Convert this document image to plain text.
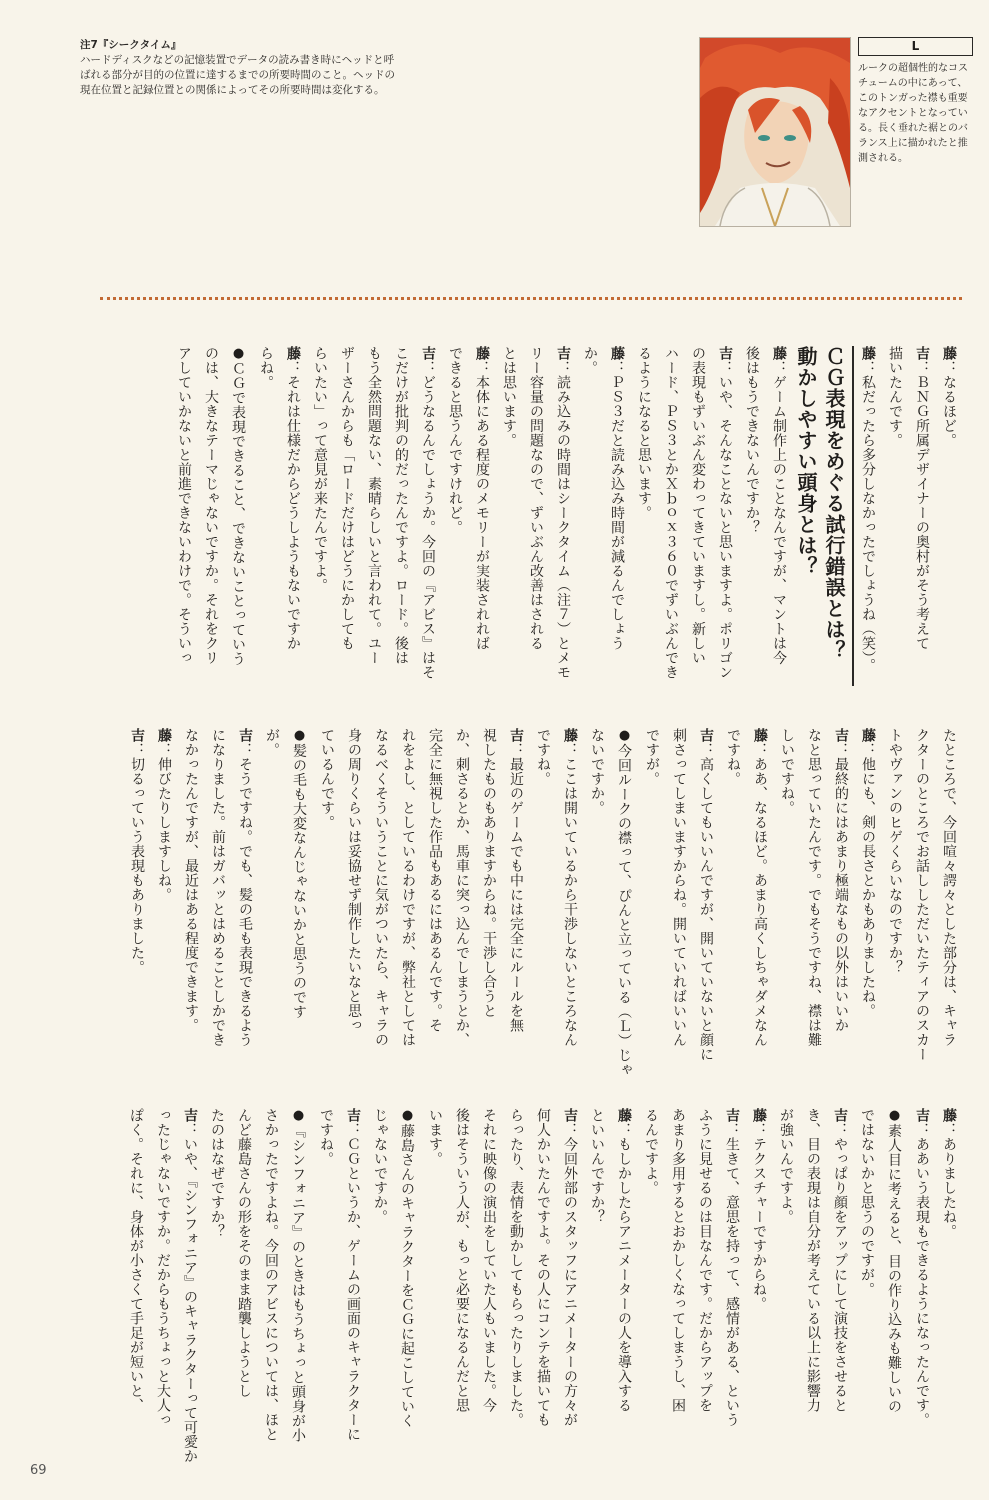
注7『シークタイム』
ハードディスクなどの記憶装置でデータの読み書き時にヘッドと呼ばれる部分が目的の位置に達するまでの所要時間のこと。ヘッドの現在位置と記録位置との関係によってその所要時間は変化する。
L
ルークの超個性的なコスチュームの中にあって、このトンガった襟も重要なアクセントとなっている。長く垂れた裾とのバランス上に描かれたと推測される。
藤：なるほど。
吉：ＢＮＧ所属デザイナーの奥村がそう考えて
描いたんです。
藤：私だったら多分しなかったでしょうね（笑）。
ＣＧ表現をめぐる試行錯誤とは？
動かしやすい頭身とは？
藤：ゲーム制作上のことなんですが、マントは今
後はもうできないんですか？
吉：いや、そんなことないと思いますよ。ポリゴン
の表現もずいぶん変わってきていますし。新しい
ハード、ＰＳ３とかＸｂｏｘ３６０でずいぶんでき
るようになると思います。
藤：ＰＳ３だと読み込み時間が減るんでしょう
か。
吉：読み込みの時間はシークタイム（注７）とメモ
リー容量の問題なので、ずいぶん改善はされる
とは思います。
藤：本体にある程度のメモリーが実装されれば
できると思うんですけれど。
吉：どうなるんでしょうか。今回の『アビス』はそ
こだけが批判の的だったんですよ。ロード。後は
もう全然問題ない、素晴らしいと言われて。ユー
ザーさんからも「ロードだけはどうにかしても
らいたい」って意見が来たんですよ。
藤：それは仕様だからどうしようもないですか
らね。
●ＣＧで表現できること、できないことっていう
のは、大きなテーマじゃないですか。それをクリ
アしていかないと前進できないわけで。そういっ
たところで、今回喧々諤々とした部分は、キャラ
クターのところでお話ししただいたティアのスカー
トやヴァンのヒゲくらいなのですか？
藤：他にも、剣の長さとかもありましたね。
吉：最終的にはあまり極端なもの以外はいいか
なと思っていたんです。でもそうですね、襟は難
しいですね。
藤：ああ、なるほど。あまり高くしちゃダメなん
ですね。
吉：高くしてもいいんですが、開いていないと顔に
刺さってしまいますからね。開いていればいいん
ですが。
●今回ルークの襟って、ぴんと立っている（Ｌ）じゃ
ないですか。
藤：ここは開いているから干渉しないところなん
ですね。
吉：最近のゲームでも中には完全にルールを無
視したものもありますからね。干渉し合うと
か、刺さるとか、馬車に突っ込んでしまうとか、
完全に無視した作品もあるにはあるんです。そ
れをよし、としているわけですが、弊社としては
なるべくそういうことに気がついたら、キャラの
身の周りくらいは妥協せず制作したいなと思っ
ているんです。
●髪の毛も大変なんじゃないかと思うのです
が。
吉：そうですね。でも、髪の毛も表現できるよう
になりました。前はガバッとはめることしかでき
なかったんですが、最近はある程度できます。
藤：伸びたりしますしね。
吉：切るっていう表現もありました。
藤：ありましたね。
吉：ああいう表現もできるようになったんです。
●素人目に考えると、目の作り込みも難しいの
ではないかと思うのですが。
吉：やっぱり顔をアップにして演技をさせると
き、目の表現は自分が考えている以上に影響力
が強いんですよ。
藤：テクスチャーですからね。
吉：生きて、意思を持って、感情がある、という
ふうに見せるのは目なんです。だからアップを
あまり多用するとおかしくなってしまうし、困
るんですよ。
藤：もしかしたらアニメーターの人を導入する
といいんですか？
吉：今回外部のスタッフにアニメーターの方々が
何人かいたんですよ。その人にコンテを描いても
らったり、表情を動かしてもらったりしました。
それに映像の演出をしていた人もいました。今
後はそういう人が、もっと必要になるんだと思
います。
●藤島さんのキャラクターをＣＧに起こしていく
じゃないですか。
吉：ＣＧというか、ゲームの画面のキャラクターに
ですね。
●『シンフォニア』のときはもうちょっと頭身が小
さかったですよね。今回のアビスについては、ほと
んど藤島さんの形をそのまま踏襲しようとし
たのはなぜですか？
吉：いや、『シンフォニア』のキャラクターって可愛か
ったじゃないですか。だからもうちょっと大人っ
ぽく。それに、身体が小さくて手足が短いと、
69
